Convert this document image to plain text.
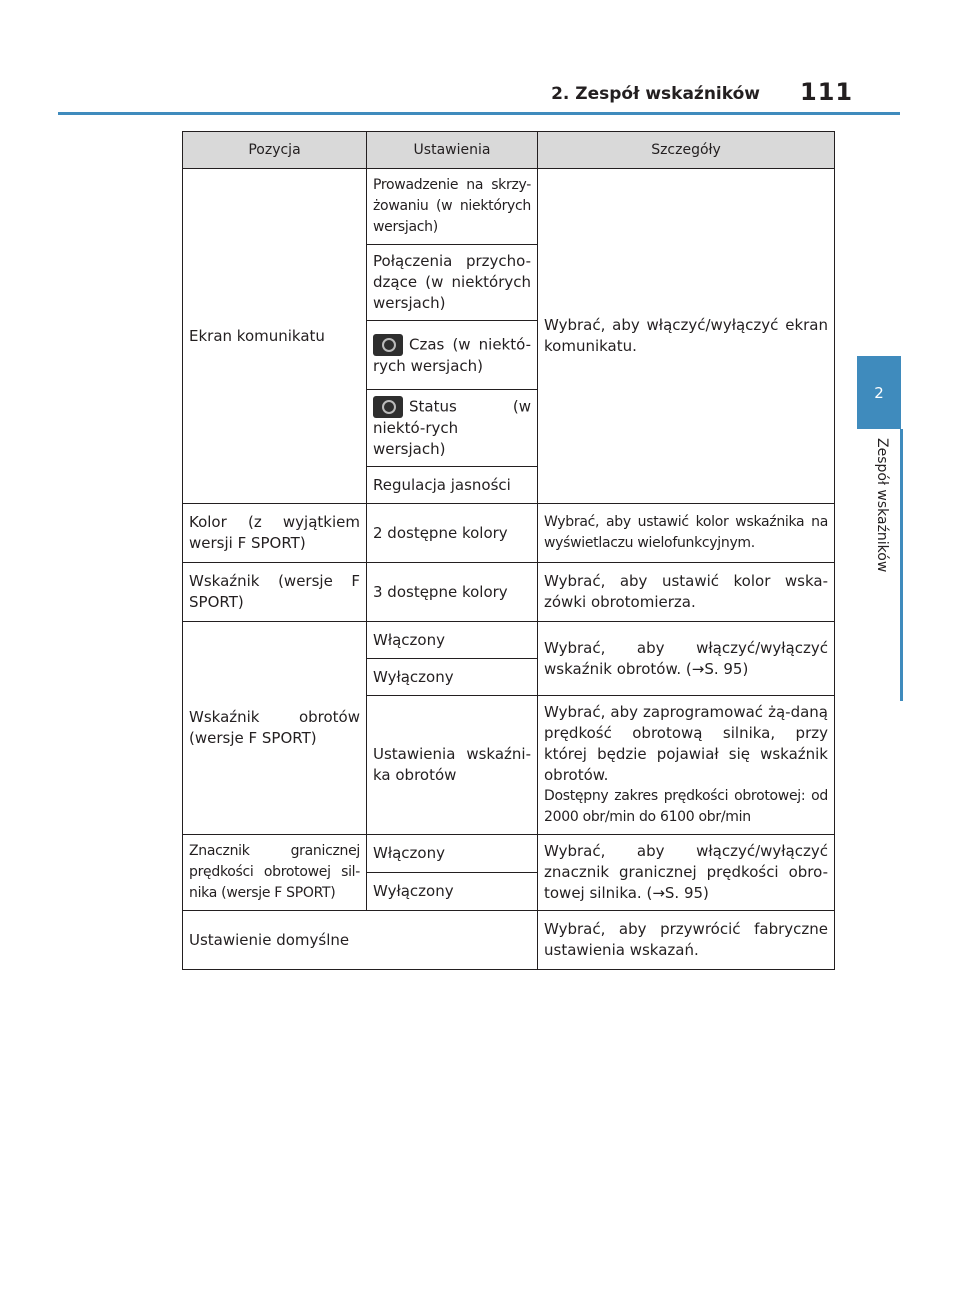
2. Zespół wskaźników 111
2
Zespół wskaźników
Pozycja	Ustawienia	Szczegóły
Ekran komunikatu	Prowadzenie na skrzy-żowaniu (w niektórych wersjach)	Wybrać, aby włączyć/wyłączyć ekran komunikatu.
	Połączenia przycho-dzące (w niektórych wersjach)	
	Czas (w niektó-rych wersjach)	
	Status (w niektó-rych wersjach)	
	Regulacja jasności	
Kolor (z wyjątkiem wersji F SPORT)	2 dostępne kolory	Wybrać, aby ustawić kolor wskaźnika na wyświetlaczu wielofunkcyjnym.
Wskaźnik (wersje F SPORT)	3 dostępne kolory	Wybrać, aby ustawić kolor wska-zówki obrotomierza.
Wskaźnik obrotów (wersje F SPORT)	Włączony	Wybrać, aby włączyć/wyłączyć wskaźnik obrotów. (→S. 95)
	Wyłączony	
	Ustawienia wskaźni-ka obrotów	Wybrać, aby zaprogramować żą-daną prędkość obrotową silnika, przy której będzie pojawiał się wskaźnik obrotów.
Dostępny zakres prędkości obrotowej: od 2000 obr/min do 6100 obr/min

Znacznik granicznej prędkości obrotowej sil-nika (wersje F SPORT)	Włączony	Wybrać, aby włączyć/wyłączyć znacznik granicznej prędkości obro-towej silnika. (→S. 95)
	Wyłączony	
Ustawienie domyślne		Wybrać, aby przywrócić fabryczne ustawienia wskazań.
